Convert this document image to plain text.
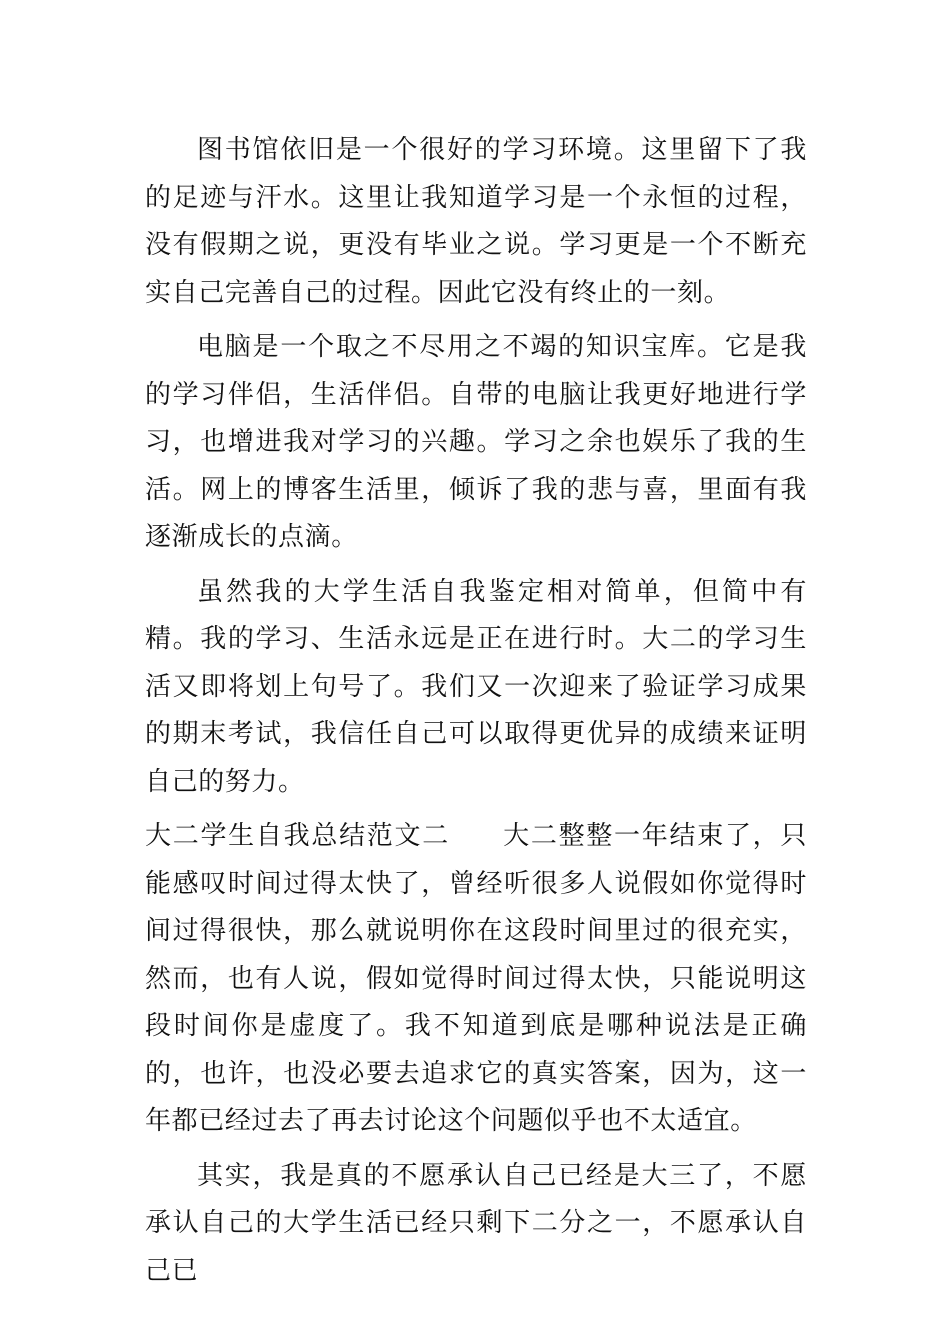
图书馆依旧是一个很好的学习环境。这里留下了我的足迹与汗水。这里让我知道学习是一个永恒的过程，没有假期之说，更没有毕业之说。学习更是一个不断充实自己完善自己的过程。因此它没有终止的一刻。

电脑是一个取之不尽用之不竭的知识宝库。它是我的学习伴侣，生活伴侣。自带的电脑让我更好地进行学习，也增进我对学习的兴趣。学习之余也娱乐了我的生活。网上的博客生活里，倾诉了我的悲与喜，里面有我逐渐成长的点滴。

虽然我的大学生活自我鉴定相对简单，但简中有精。我的学习、生活永远是正在进行时。大二的学习生活又即将划上句号了。我们又一次迎来了验证学习成果的期末考试，我信任自己可以取得更优异的成绩来证明自己的努力。

大二学生自我总结范文二 大二整整一年结束了，只能感叹时间过得太快了，曾经听很多人说假如你觉得时间过得很快，那么就说明你在这段时间里过的很充实，然而，也有人说，假如觉得时间过得太快，只能说明这段时间你是虚度了。我不知道到底是哪种说法是正确的，也许，也没必要去追求它的真实答案，因为，这一年都已经过去了再去讨论这个问题似乎也不太适宜。

其实，我是真的不愿承认自己已经是大三了，不愿承认自己的大学生活已经只剩下二分之一，不愿承认自己已
